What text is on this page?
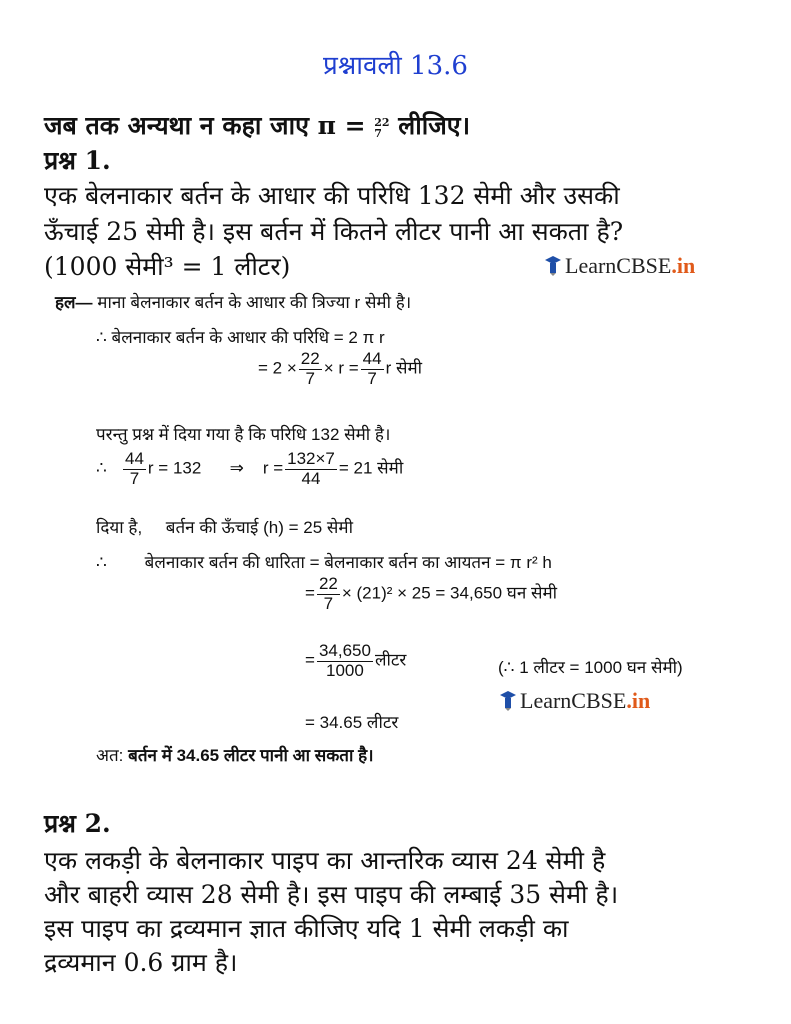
प्रश्नावली 13.6
जब तक अन्यथा न कहा जाए π = 22
7 लीजिए।
प्रश्न 1.
एक बेलनाकार बर्तन के आधार की परिधि 132 सेमी और उसकी
ऊँचाई 25 सेमी है। इस बर्तन में कितने लीटर पानी आ सकता है?
(1000 सेमी³ = 1 लीटर)	LearnCBSE.in
हल— माना बेलनाकार बर्तन के आधार की त्रिज्या r सेमी है।
∴ बेलनाकार बर्तन के आधार की परिधि = 2 π r
= $2 \times \frac{22}{7} \times r = \frac{44}{7}$ r सेमी
परन्तु प्रश्न में दिया गया है कि परिधि 132 सेमी है।
∴ $\frac{44}{7}$ r = 132 ⇒ $r = \frac{132\times 7}{44} = 21$ सेमी
दिया है,     बर्तन की ऊँचाई (h) = 25 सेमी
∴ बेलनाकार बर्तन की धारिता = बेलनाकार बर्तन का आयतन = π r² h
= $\frac{22}{7} \times (21)^2 \times 25 = 34,650$ घन सेमी
= $\frac{34,650}{1000}$ लीटर	(∴ 1 लीटर = 1000 घन सेमी)
LearnCBSE.in
= 34.65 लीटर
अत: बर्तन में 34.65 लीटर पानी आ सकता है।
प्रश्न 2.
एक लकड़ी के बेलनाकार पाइप का आन्तरिक व्यास 24 सेमी है
और बाहरी व्यास 28 सेमी है। इस पाइप की लम्बाई 35 सेमी है।
इस पाइप का द्रव्यमान ज्ञात कीजिए यदि 1 सेमी लकड़ी का
द्रव्यमान 0.6 ग्राम है।
